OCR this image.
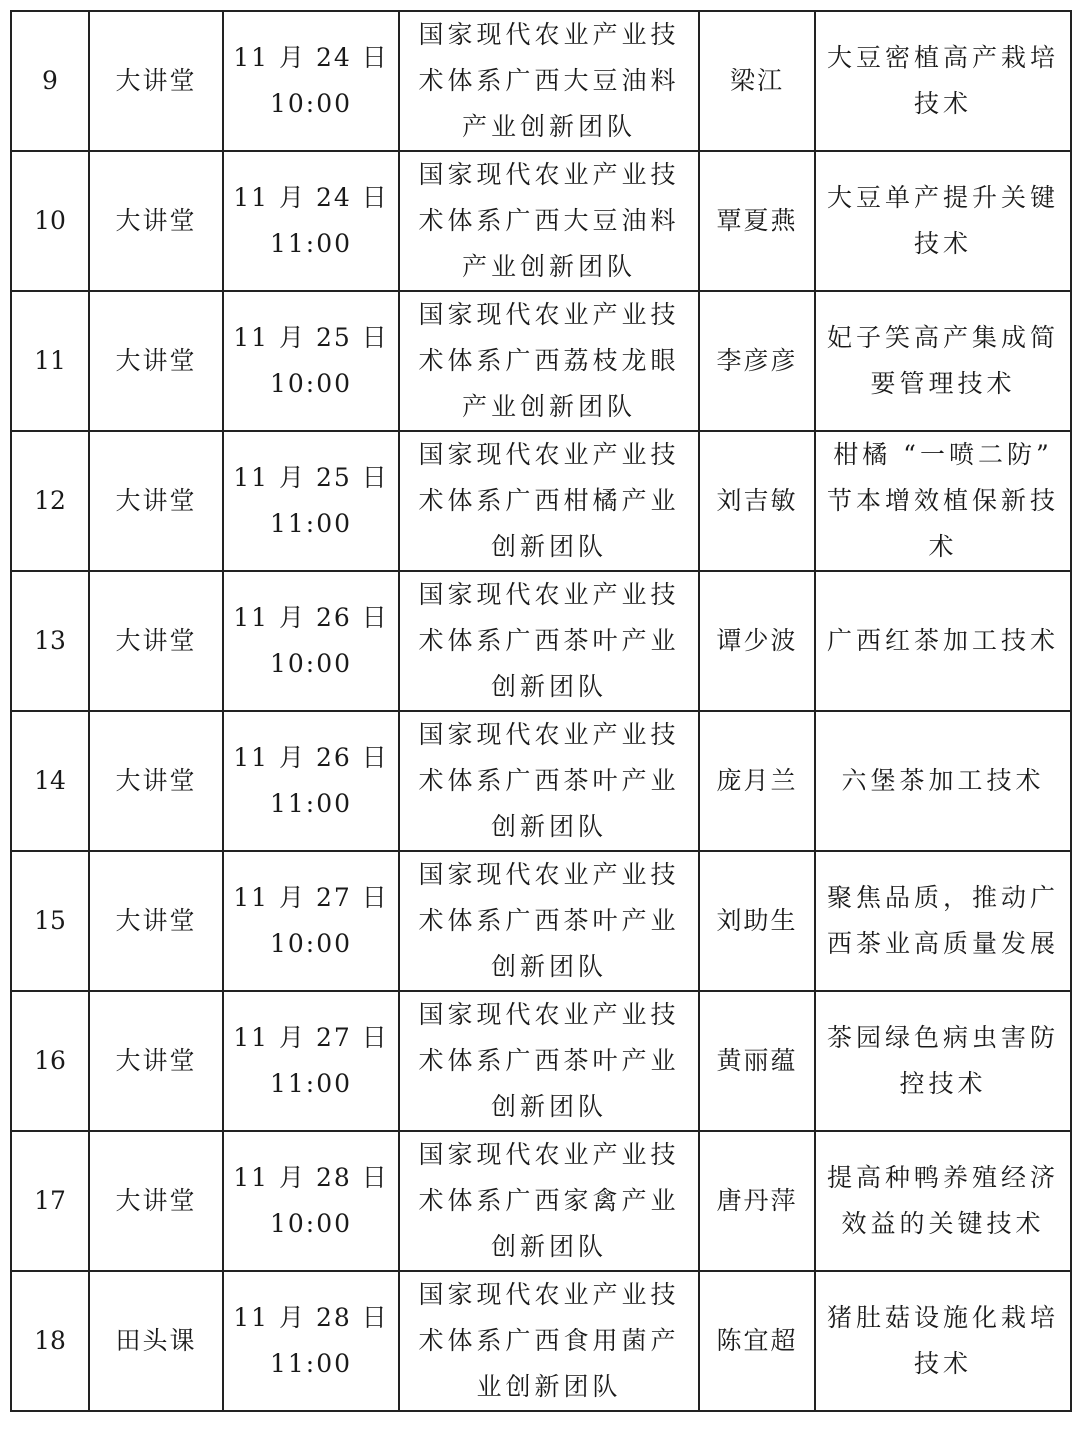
9	大讲堂	11 月 24 日
10:00	国家现代农业产业技
术体系广西大豆油料
产业创新团队	梁江	大豆密植高产栽培
技术

10	大讲堂	11 月 24 日
11:00	国家现代农业产业技
术体系广西大豆油料
产业创新团队	覃夏燕	大豆单产提升关键
技术

11	大讲堂	11 月 25 日
10:00	国家现代农业产业技
术体系广西荔枝龙眼
产业创新团队	李彦彦	妃子笑高产集成简
要管理技术

12	大讲堂	11 月 25 日
11:00	国家现代农业产业技
术体系广西柑橘产业
创新团队	刘吉敏	柑橘 “一喷二防”
节本增效植保新技
术

13	大讲堂	11 月 26 日
10:00	国家现代农业产业技
术体系广西茶叶产业
创新团队	谭少波	广西红茶加工技术

14	大讲堂	11 月 26 日
11:00	国家现代农业产业技
术体系广西茶叶产业
创新团队	庞月兰	六堡茶加工技术

15	大讲堂	11 月 27 日
10:00	国家现代农业产业技
术体系广西茶叶产业
创新团队	刘助生	聚焦品质，推动广
西茶业高质量发展

16	大讲堂	11 月 27 日
11:00	国家现代农业产业技
术体系广西茶叶产业
创新团队	黄丽蕴	茶园绿色病虫害防
控技术

17	大讲堂	11 月 28 日
10:00	国家现代农业产业技
术体系广西家禽产业
创新团队	唐丹萍	提高种鸭养殖经济
效益的关键技术

18	田头课	11 月 28 日
11:00	国家现代农业产业技
术体系广西食用菌产
业创新团队	陈宜超	猪肚菇设施化栽培
技术
